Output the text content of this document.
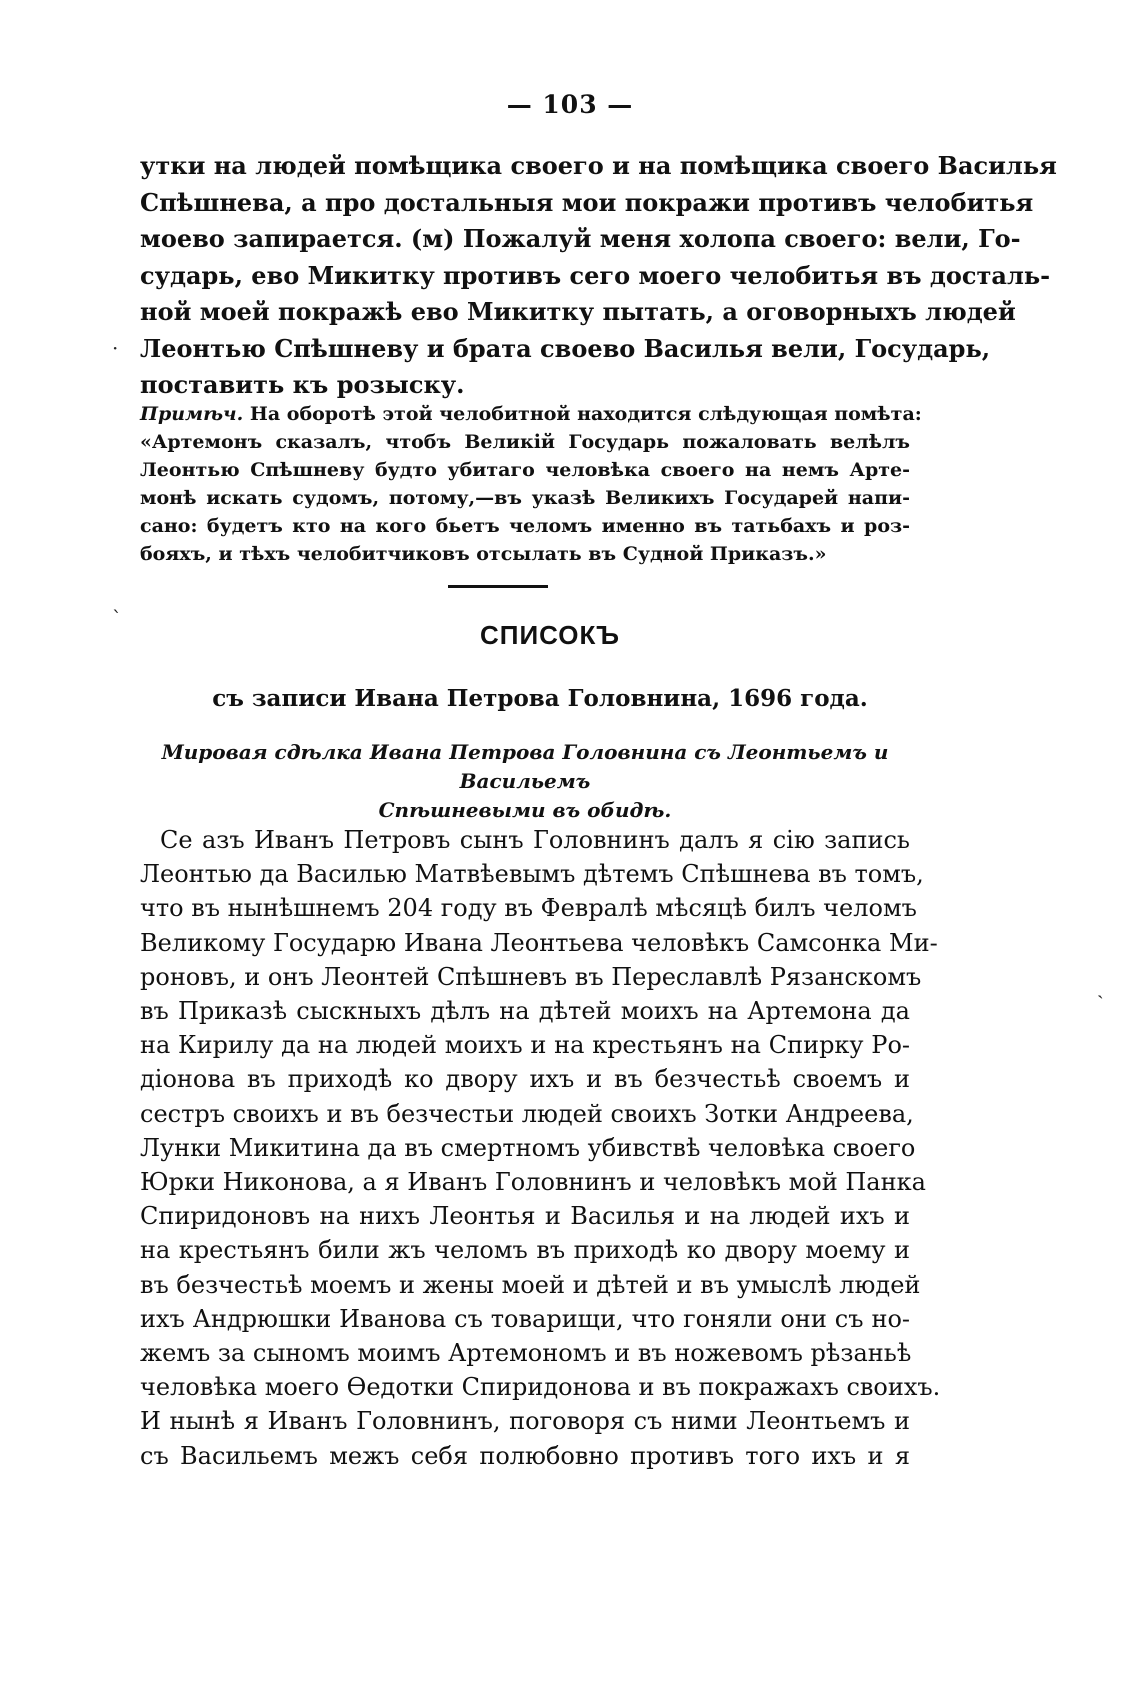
— 103 —
утки на людей помѣщика своего и на помѣщика своего Василья
Спѣшнева, а про достальныя мои покражи противъ челобитья
моево запирается. (м) Пожалуй меня холопа своего: вели, Го-
сударь, ево Микитку противъ сего моего челобитья въ досталь-
ной моей покражѣ ево Микитку пытать, а оговорныхъ людей
Леонтью Спѣшневу и брата своево Василья вели, Государь,
поставить къ розыску.
Примѣч. На оборотѣ этой челобитной находится слѣдующая помѣта:
«Артемонъ сказалъ, чтобъ Великій Государь пожаловать велѣлъ
Леонтью Спѣшневу будто убитаго человѣка своего на немъ Арте-
монѣ искать судомъ, потому,—въ указѣ Великихъ Государей напи-
сано: будетъ кто на кого бьетъ челомъ именно въ татьбахъ и роз-
бояхъ, и тѣхъ челобитчиковъ отсылать въ Судной Приказъ.»
СПИСОКЪ
съ записи Ивана Петрова Головнина, 1696 года.
Мировая сдѣлка Ивана Петрова Головнина съ Леонтьемъ и Васильемъ
Спѣшневыми въ обидѣ.
Се азъ Иванъ Петровъ сынъ Головнинъ далъ я сію запись
Леонтью да Василью Матвѣевымъ дѣтемъ Спѣшнева въ томъ,
что въ нынѣшнемъ 204 году въ Февралѣ мѣсяцѣ билъ челомъ
Великому Государю Ивана Леонтьева человѣкъ Самсонка Ми-
роновъ, и онъ Леонтей Спѣшневъ въ Переславлѣ Рязанскомъ
въ Приказѣ сыскныхъ дѣлъ на дѣтей моихъ на Артемона да
на Кирилу да на людей моихъ и на крестьянъ на Спирку Ро-
діонова въ приходѣ ко двору ихъ и въ безчестьѣ своемъ и
сестръ своихъ и въ безчестьи людей своихъ Зотки Андреева,
Лунки Микитина да въ смертномъ убивствѣ человѣка своего
Юрки Никонова, а я Иванъ Головнинъ и человѣкъ мой Панка
Спиридоновъ на нихъ Леонтья и Василья и на людей ихъ и
на крестьянъ били жъ челомъ въ приходѣ ко двору моему и
въ безчестьѣ моемъ и жены моей и дѣтей и въ умыслѣ людей
ихъ Андрюшки Иванова съ товарищи, что гоняли они съ но-
жемъ за сыномъ моимъ Артемономъ и въ ножевомъ рѣзаньѣ
человѣка моего Ѳедотки Спиридонова и въ покражахъ своихъ.
И нынѣ я Иванъ Головнинъ, поговоря съ ними Леонтьемъ и
съ Васильемъ межъ себя полюбовно противъ того ихъ и я
·
ˋ
ˏ
